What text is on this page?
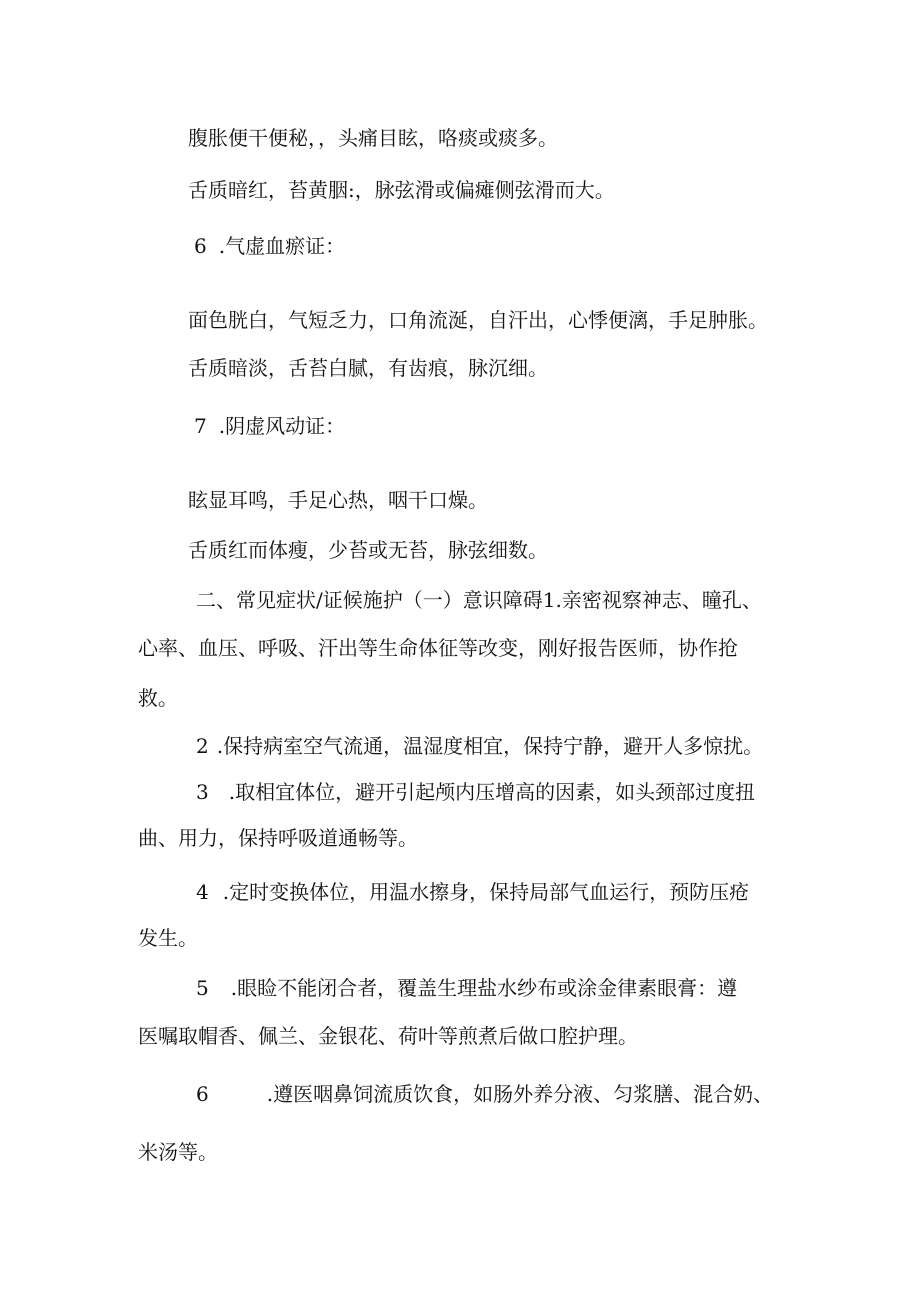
腹胀便干便秘，，头痛目眩，咯痰或痰多。
舌质暗红，苔黄胭:，脉弦滑或偏瘫侧弦滑而大。
6 .气虚血瘀证：
面色胱白，气短乏力，口角流涎，自汗出，心悸便漓，手足肿胀。
舌质暗淡，舌苔白腻，有齿痕，脉沉细。
7 .阴虚风动证：
眩显耳鸣，手足心热，咽干口燥。
舌质红而体瘦，少苔或无苔，脉弦细数。
二、常见症状/证候施护（一）意识障碍1.亲密视察神志、瞳孔、
心率、血压、呼吸、汗出等生命体征等改变，刚好报告医师，协作抢
救。
2 .保持病室空气流通，温湿度相宜，保持宁静，避开人多惊扰。
3 .取相宜体位，避开引起颅内压增高的因素，如头颈部过度扭
曲、用力，保持呼吸道通畅等。
4 .定时变换体位，用温水擦身，保持局部气血运行，预防压疮
发生。
5 .眼睑不能闭合者，覆盖生理盐水纱布或涂金律素眼膏：遵
医嘱取帽香、佩兰、金银花、荷叶等煎煮后做口腔护理。
6	.遵医咽鼻饲流质饮食，如肠外养分液、匀浆膳、混合奶、
米汤等。
